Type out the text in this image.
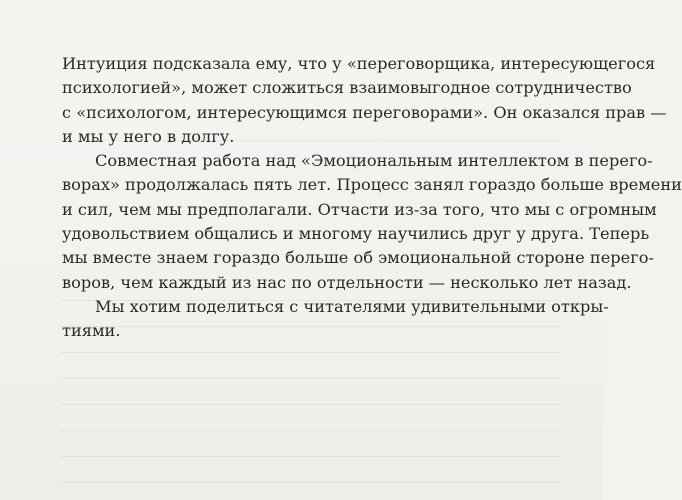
Интуиция подсказала ему, что у «переговорщика, интересующегося
психологией», может сложиться взаимовыгодное сотрудничество
с «психологом, интересующимся переговорами». Он оказался прав —
и мы у него в долгу.

Совместная работа над «Эмоциональным интеллектом в перего-
ворах» продолжалась пять лет. Процесс занял гораздо больше времени
и сил, чем мы предполагали. Отчасти из-за того, что мы с огромным
удовольствием общались и многому научились друг у друга. Теперь
мы вместе знаем гораздо больше об эмоциональной стороне перего-
воров, чем каждый из нас по отдельности — несколько лет назад.

Мы хотим поделиться с читателями удивительными откры-
тиями.
